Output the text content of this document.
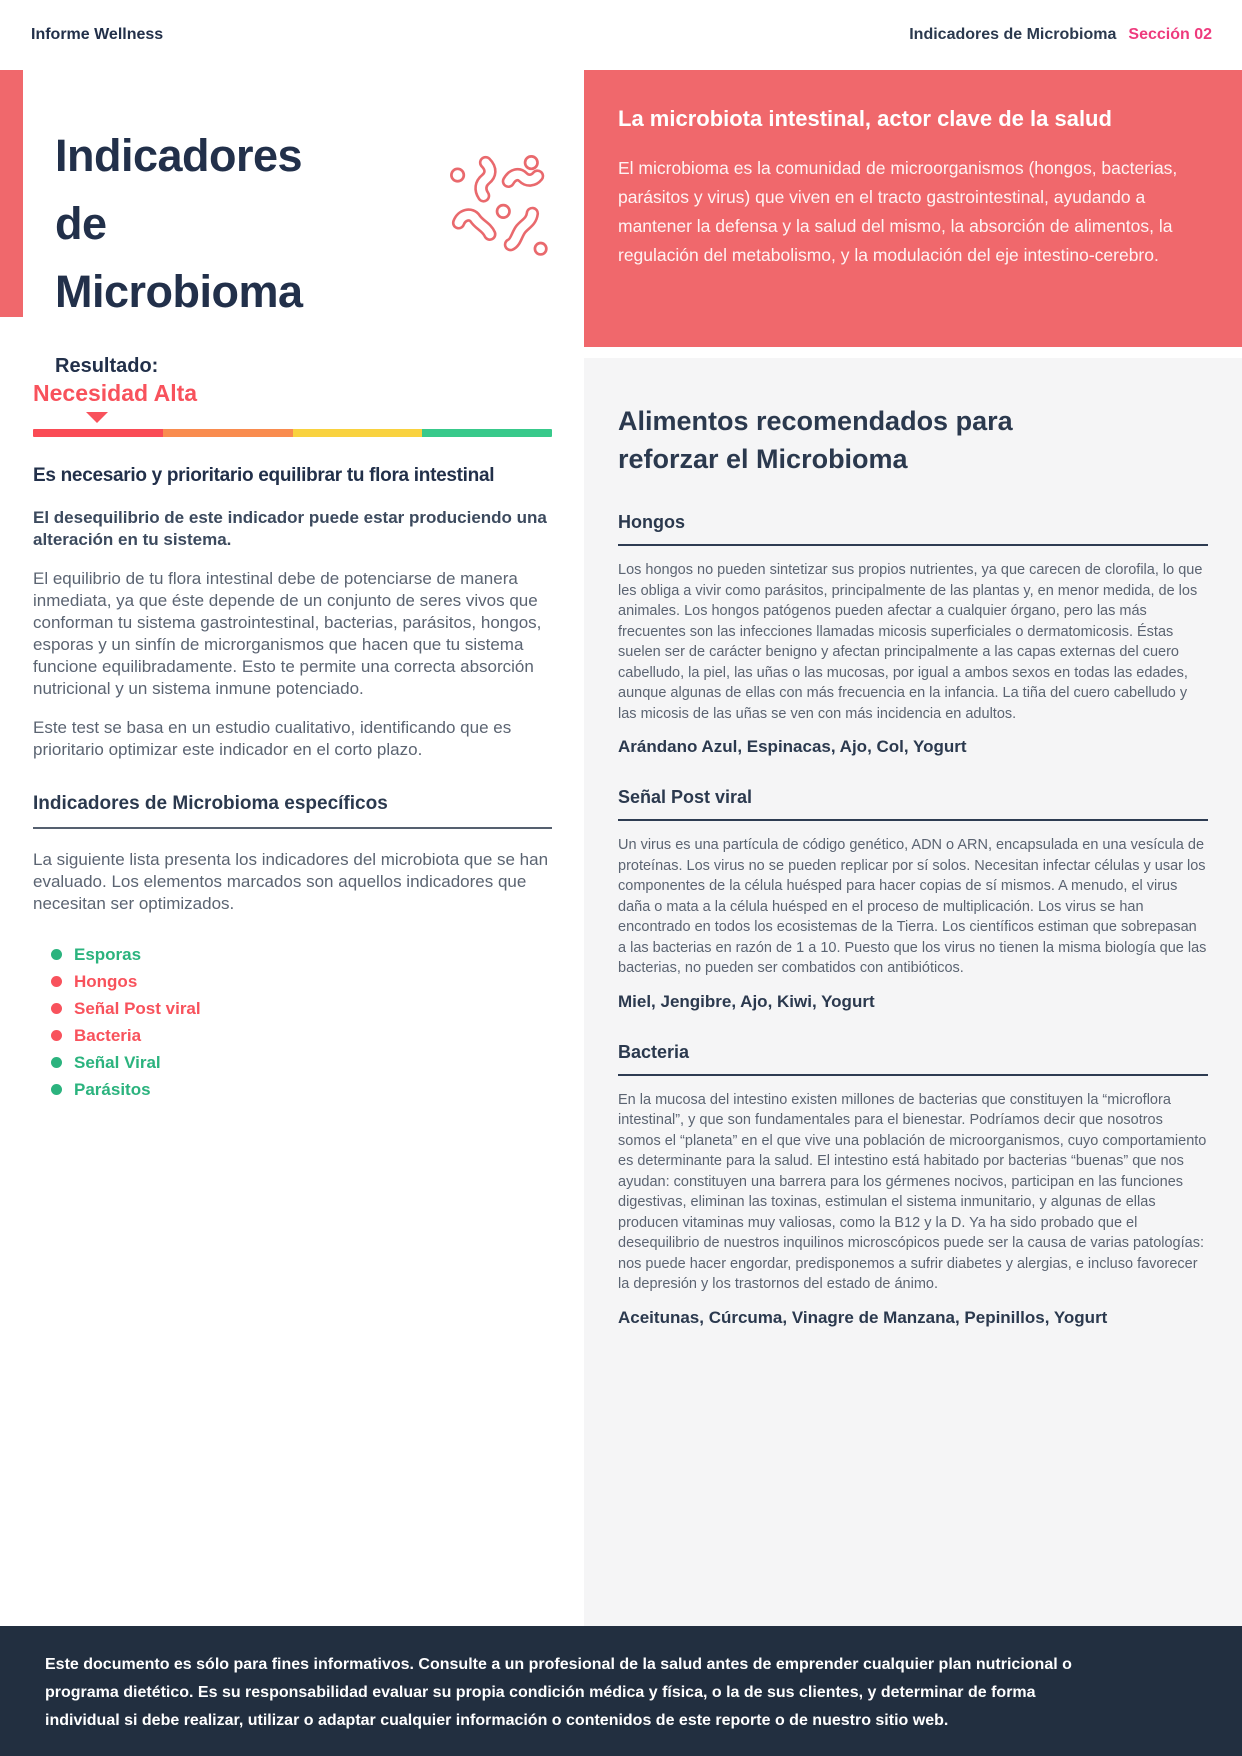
Informe Wellness	Indicadores de Microbioma Sección 02
Indicadores de Microbioma
La microbiota intestinal, actor clave de la salud

El microbioma es la comunidad de microorganismos (hongos, bacterias, parásitos y virus) que viven en el tracto gastrointestinal, ayudando a mantener la defensa y la salud del mismo, la absorción de alimentos, la regulación del metabolismo, y la modulación del eje intestino-cerebro.

Resultado:
Necesidad Alta
Es necesario y prioritario equilibrar tu flora intestinal

El desequilibrio de este indicador puede estar produciendo una alteración en tu sistema.

El equilibrio de tu flora intestinal debe de potenciarse de manera inmediata, ya que éste depende de un conjunto de seres vivos que conforman tu sistema gastrointestinal, bacterias, parásitos, hongos, esporas y un sinfín de microrganismos que hacen que tu sistema funcione equilibradamente. Esto te permite una correcta absorción nutricional y un sistema inmune potenciado.

Este test se basa en un estudio cualitativo, identificando que es prioritario optimizar este indicador en el corto plazo.

Indicadores de Microbioma específicos

La siguiente lista presenta los indicadores del microbiota que se han evaluado. Los elementos marcados son aquellos indicadores que necesitan ser optimizados.

Esporas
Hongos
Señal Post viral
Bacteria
Señal Viral
Parásitos
Alimentos recomendados para reforzar el Microbioma
Hongos

Los hongos no pueden sintetizar sus propios nutrientes, ya que carecen de clorofila, lo que les obliga a vivir como parásitos, principalmente de las plantas y, en menor medida, de los animales. Los hongos patógenos pueden afectar a cualquier órgano, pero las más frecuentes son las infecciones llamadas micosis superficiales o dermatomicosis. Éstas suelen ser de carácter benigno y afectan principalmente a las capas externas del cuero cabelludo, la piel, las uñas o las mucosas, por igual a ambos sexos en todas las edades, aunque algunas de ellas con más frecuencia en la infancia. La tiña del cuero cabelludo y las micosis de las uñas se ven con más incidencia en adultos.

Arándano Azul, Espinacas, Ajo, Col, Yogurt
Señal Post viral

Un virus es una partícula de código genético, ADN o ARN, encapsulada en una vesícula de proteínas. Los virus no se pueden replicar por sí solos. Necesitan infectar células y usar los componentes de la célula huésped para hacer copias de sí mismos. A menudo, el virus daña o mata a la célula huésped en el proceso de multiplicación. Los virus se han encontrado en todos los ecosistemas de la Tierra. Los científicos estiman que sobrepasan a las bacterias en razón de 1 a 10. Puesto que los virus no tienen la misma biología que las bacterias, no pueden ser combatidos con antibióticos.

Miel, Jengibre, Ajo, Kiwi, Yogurt
Bacteria

En la mucosa del intestino existen millones de bacterias que constituyen la “microflora intestinal”, y que son fundamentales para el bienestar. Podríamos decir que nosotros somos el “planeta” en el que vive una población de microorganismos, cuyo comportamiento es determinante para la salud. El intestino está habitado por bacterias “buenas” que nos ayudan: constituyen una barrera para los gérmenes nocivos, participan en las funciones digestivas, eliminan las toxinas, estimulan el sistema inmunitario, y algunas de ellas producen vitaminas muy valiosas, como la B12 y la D. Ya ha sido probado que el desequilibrio de nuestros inquilinos microscópicos puede ser la causa de varias patologías: nos puede hacer engordar, predisponemos a sufrir diabetes y alergias, e incluso favorecer la depresión y los trastornos del estado de ánimo.

Aceitunas, Cúrcuma, Vinagre de Manzana, Pepinillos, Yogurt

Este documento es sólo para fines informativos. Consulte a un profesional de la salud antes de emprender cualquier plan nutricional o programa dietético. Es su responsabilidad evaluar su propia condición médica y física, o la de sus clientes, y determinar de forma individual si debe realizar, utilizar o adaptar cualquier información o contenidos de este reporte o de nuestro sitio web.
